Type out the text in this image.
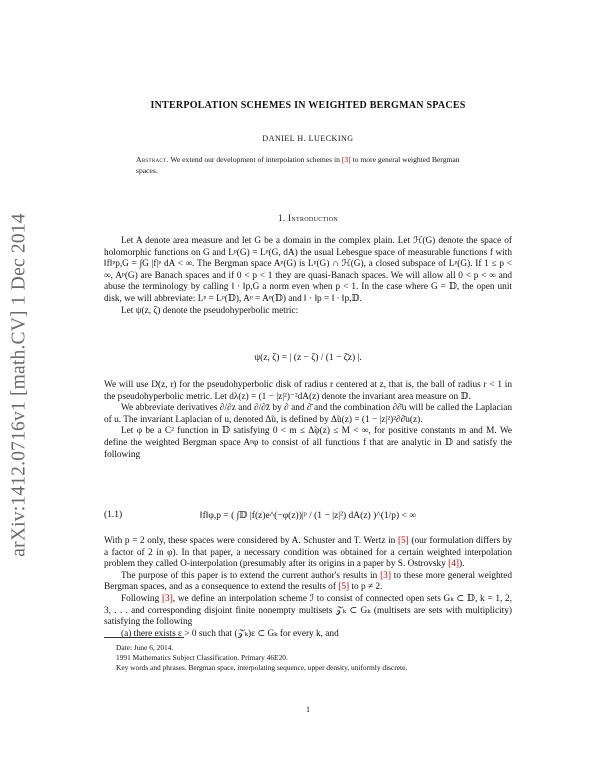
arXiv:1412.0716v1 [math.CV] 1 Dec 2014
INTERPOLATION SCHEMES IN WEIGHTED BERGMAN SPACES
DANIEL H. LUECKING
Abstract. We extend our development of interpolation schemes in [3] to more general weighted Bergman spaces.
1. Introduction

Let A denote area measure and let G be a domain in the complex plain. Let ℋ(G) denote the space of holomorphic functions on G and Lᵖ(G) = Lᵖ(G, dA) the usual Lebesgue space of measurable functions f with ‖f‖ᵖp,G = ∫G |f|ᵖ dA < ∞. The Bergman space Aᵖ(G) is Lᵖ(G) ∩ ℋ(G), a closed subspace of Lᵖ(G). If 1 ≤ p < ∞, Aᵖ(G) are Banach spaces and if 0 < p < 1 they are quasi-Banach spaces. We will allow all 0 < p < ∞ and abuse the terminology by calling ‖ · ‖p,G a norm even when p < 1. In the case where G = 𝔻, the open unit disk, we will abbreviate: Lᵖ = Lᵖ(𝔻), Aᵖ = Aᵖ(𝔻) and ‖ · ‖p = ‖ · ‖p,𝔻.

Let ψ(z, ζ) denote the pseudohyperbolic metric:

ψ(z, ζ) = | (z − ζ) / (1 − ζ̄z) |.

We will use D(z, r) for the pseudohyperbolic disk of radius r centered at z, that is, the ball of radius r < 1 in the pseudohyperbolic metric. Let dλ(z) = (1 − |z|²)⁻²dA(z) denote the invariant area measure on 𝔻.

We abbreviate derivatives ∂/∂z and ∂/∂z̄ by ∂ and ∂̄ and the combination ∂∂̄u will be called the Laplacian of u. The invariant Laplacian of u, denoted Δ̃u, is defined by Δ̃u(z) = (1 − |z|²)²∂∂̄u(z).

Let φ be a C² function in 𝔻 satisfying 0 < m ≤ Δ̃φ(z) ≤ M < ∞, for positive constants m and M. We define the weighted Bergman space Aᵖφ to consist of all functions f that are analytic in 𝔻 and satisfy the following

(1.1)	‖f‖φ,p = ( ∫𝔻 |f(z)e^(−φ(z))|ᵖ / (1 − |z|²) dA(z) )^(1/p) < ∞

With p = 2 only, these spaces were considered by A. Schuster and T. Wertz in [5] (our formulation differs by a factor of 2 in φ). In that paper, a necessary condition was obtained for a certain weighted interpolation problem they called O-interpolation (presumably after its origins in a paper by S. Ostrovsky [4]).

The purpose of this paper is to extend the current author's results in [3] to these more general weighted Bergman spaces, and as a consequence to extend the results of [5] to p ≠ 2.

Following [3], we define an interpolation scheme ℐ to consist of connected open sets Gₖ ⊂ 𝔻, k = 1, 2, 3, . . . and corresponding disjoint finite nonempty multisets 𝒵ₖ ⊂ Gₖ (multisets are sets with multiplicity) satisfying the following

(a) there exists ε > 0 such that (𝒵ₖ)ε ⊂ Gₖ for every k, and

Date: June 6, 2014.

1991 Mathematics Subject Classification. Primary 46E20.

Key words and phrases. Bergman space, interpolating sequence, upper density, uniformly discrete.

1
